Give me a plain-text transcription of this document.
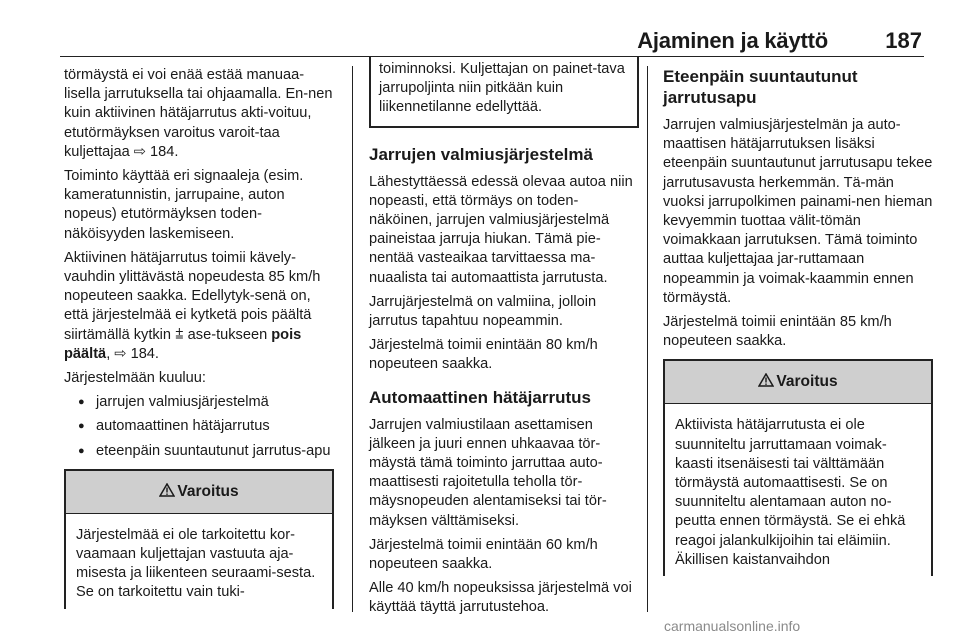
Ajaminen ja käyttö	187

törmäystä ei voi enää estää manuaa-lisella jarrutuksella tai ohjaamalla. En-nen kuin aktiivinen hätäjarrutus akti-voituu, etutörmäyksen varoitus varoit-taa kuljettajaa ⇨ 184.

Toiminto käyttää eri signaaleja (esim. kameratunnistin, jarrupaine, auton nopeus) etutörmäyksen toden-näköisyyden laskemiseen.

Aktiivinen hätäjarrutus toimii kävely-vauhdin ylittävästä nopeudesta 85 km/h nopeuteen saakka. Edellytyk-senä on, että järjestelmää ei kytketä pois päältä siirtämällä kytkin ⩲ ase-tukseen pois päältä, ⇨ 184.

Järjestelmään kuuluu:

● jarrujen valmiusjärjestelmä
● automaattinen hätäjarrutus
● eteenpäin suuntautunut jarrutus-apu
Varoitus
Järjestelmää ei ole tarkoitettu kor-vaamaan kuljettajan vastuuta aja-misesta ja liikenteen seuraami-sesta. Se on tarkoitettu vain tuki-
toiminnoksi. Kuljettajan on painet-tava jarrupoljinta niin pitkään kuin liikennetilanne edellyttää.
Jarrujen valmiusjärjestelmä

Lähestyttäessä edessä olevaa autoa niin nopeasti, että törmäys on toden-näköinen, jarrujen valmiusjärjestelmä paineistaa jarruja hiukan. Tämä pie-nentää vasteaikaa tarvittaessa ma-nuaalista tai automaattista jarrutusta.

Jarrujärjestelmä on valmiina, jolloin jarrutus tapahtuu nopeammin.

Järjestelmä toimii enintään 80 km/h nopeuteen saakka.

Automaattinen hätäjarrutus

Jarrujen valmiustilaan asettamisen jälkeen ja juuri ennen uhkaavaa tör-mäystä tämä toiminto jarruttaa auto-maattisesti rajoitetulla teholla tör-mäysnopeuden alentamiseksi tai tör-mäyksen välttämiseksi.

Järjestelmä toimii enintään 60 km/h nopeuteen saakka.

Alle 40 km/h nopeuksissa järjestelmä voi käyttää täyttä jarrutustehoa.

Eteenpäin suuntautunut jarrutusapu

Jarrujen valmiusjärjestelmän ja auto-maattisen hätäjarrutuksen lisäksi eteenpäin suuntautunut jarrutusapu tekee jarrutusavusta herkemmän. Tä-män vuoksi jarrupolkimen painami-nen hieman kevyemmin tuottaa välit-tömän voimakkaan jarrutuksen. Tämä toiminto auttaa kuljettajaa jar-ruttamaan nopeammin ja voimak-kaammin ennen törmäystä.

Järjestelmä toimii enintään 85 km/h nopeuteen saakka.

Varoitus
Aktiivista hätäjarrutusta ei ole suunniteltu jarruttamaan voimak-kaasti itsenäisesti tai välttämään törmäystä automaattisesti. Se on suunniteltu alentamaan auton no-peutta ennen törmäystä. Se ei ehkä reagoi jalankulkijoihin tai eläimiin. Äkillisen kaistanvaihdon
carmanualsonline.info
